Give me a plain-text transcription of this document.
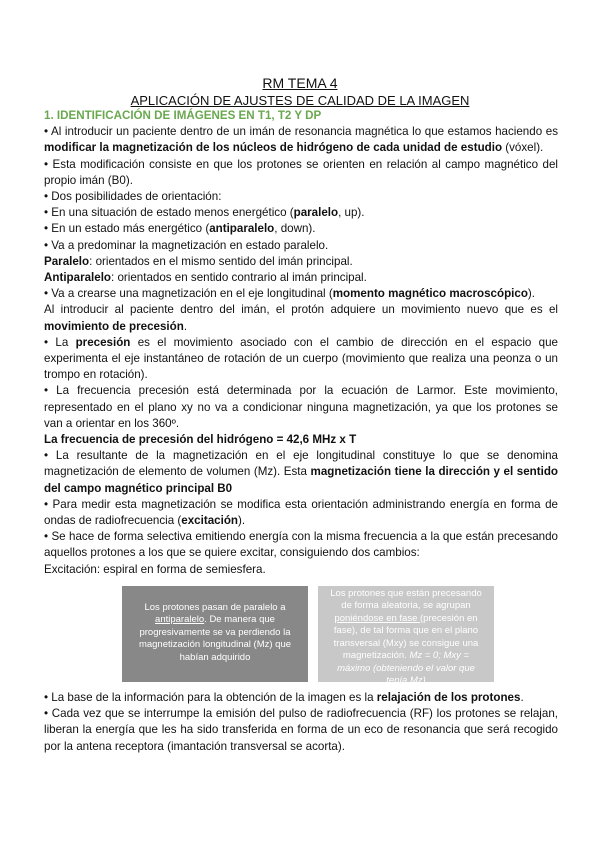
RM TEMA 4
APLICACIÓN DE AJUSTES DE CALIDAD DE LA IMAGEN

1. IDENTIFICACIÓN DE IMÁGENES EN T1, T2 Y DP

• Al introducir un paciente dentro de un imán de resonancia magnética lo que estamos haciendo es modificar la magnetización de los núcleos de hidrógeno de cada unidad de estudio (vóxel).

• Esta modificación consiste en que los protones se orienten en relación al campo magnético del propio imán (B0).

• Dos posibilidades de orientación:

• En una situación de estado menos energético (paralelo, up).

• En un estado más energético (antiparalelo, down).

• Va a predominar la magnetización en estado paralelo.

Paralelo: orientados en el mismo sentido del imán principal.

Antiparalelo: orientados en sentido contrario al imán principal.

• Va a crearse una magnetización en el eje longitudinal (momento magnético macroscópico).

Al introducir al paciente dentro del imán, el protón adquiere un movimiento nuevo que es el movimiento de precesión.

• La precesión es el movimiento asociado con el cambio de dirección en el espacio que experimenta el eje instantáneo de rotación de un cuerpo (movimiento que realiza una peonza o un trompo en rotación).

• La frecuencia precesión está determinada por la ecuación de Larmor. Este movimiento, representado en el plano xy no va a condicionar ninguna magnetización, ya que los protones se van a orientar en los 360º.

La frecuencia de precesión del hidrógeno = 42,6 MHz x T

• La resultante de la magnetización en el eje longitudinal constituye lo que se denomina magnetización de elemento de volumen (Mz). Esta magnetización tiene la dirección y el sentido del campo magnético principal B0

• Para medir esta magnetización se modifica esta orientación administrando energía en forma de ondas de radiofrecuencia (excitación).

• Se hace de forma selectiva emitiendo energía con la misma frecuencia a la que están precesando aquellos protones a los que se quiere excitar, consiguiendo dos cambios:

Excitación: espiral en forma de semiesfera.

Los protones pasan de paralelo a antiparalelo. De manera que progresivamente se va perdiendo la magnetización longitudinal (Mz) que habían adquirido
Los protones que están precesando de forma aleatoria, se agrupan poniéndose en fase (precesión en fase), de tal forma que en el plano transversal (Mxy) se consigue una magnetización. Mz = 0; Mxy = máximo (obteniendo el valor que tenía Mz)

• La base de la información para la obtención de la imagen es la relajación de los protones.

• Cada vez que se interrumpe la emisión del pulso de radiofrecuencia (RF) los protones se relajan, liberan la energía que les ha sido transferida en forma de un eco de resonancia que será recogido por la antena receptora (imantación transversal se acorta).
